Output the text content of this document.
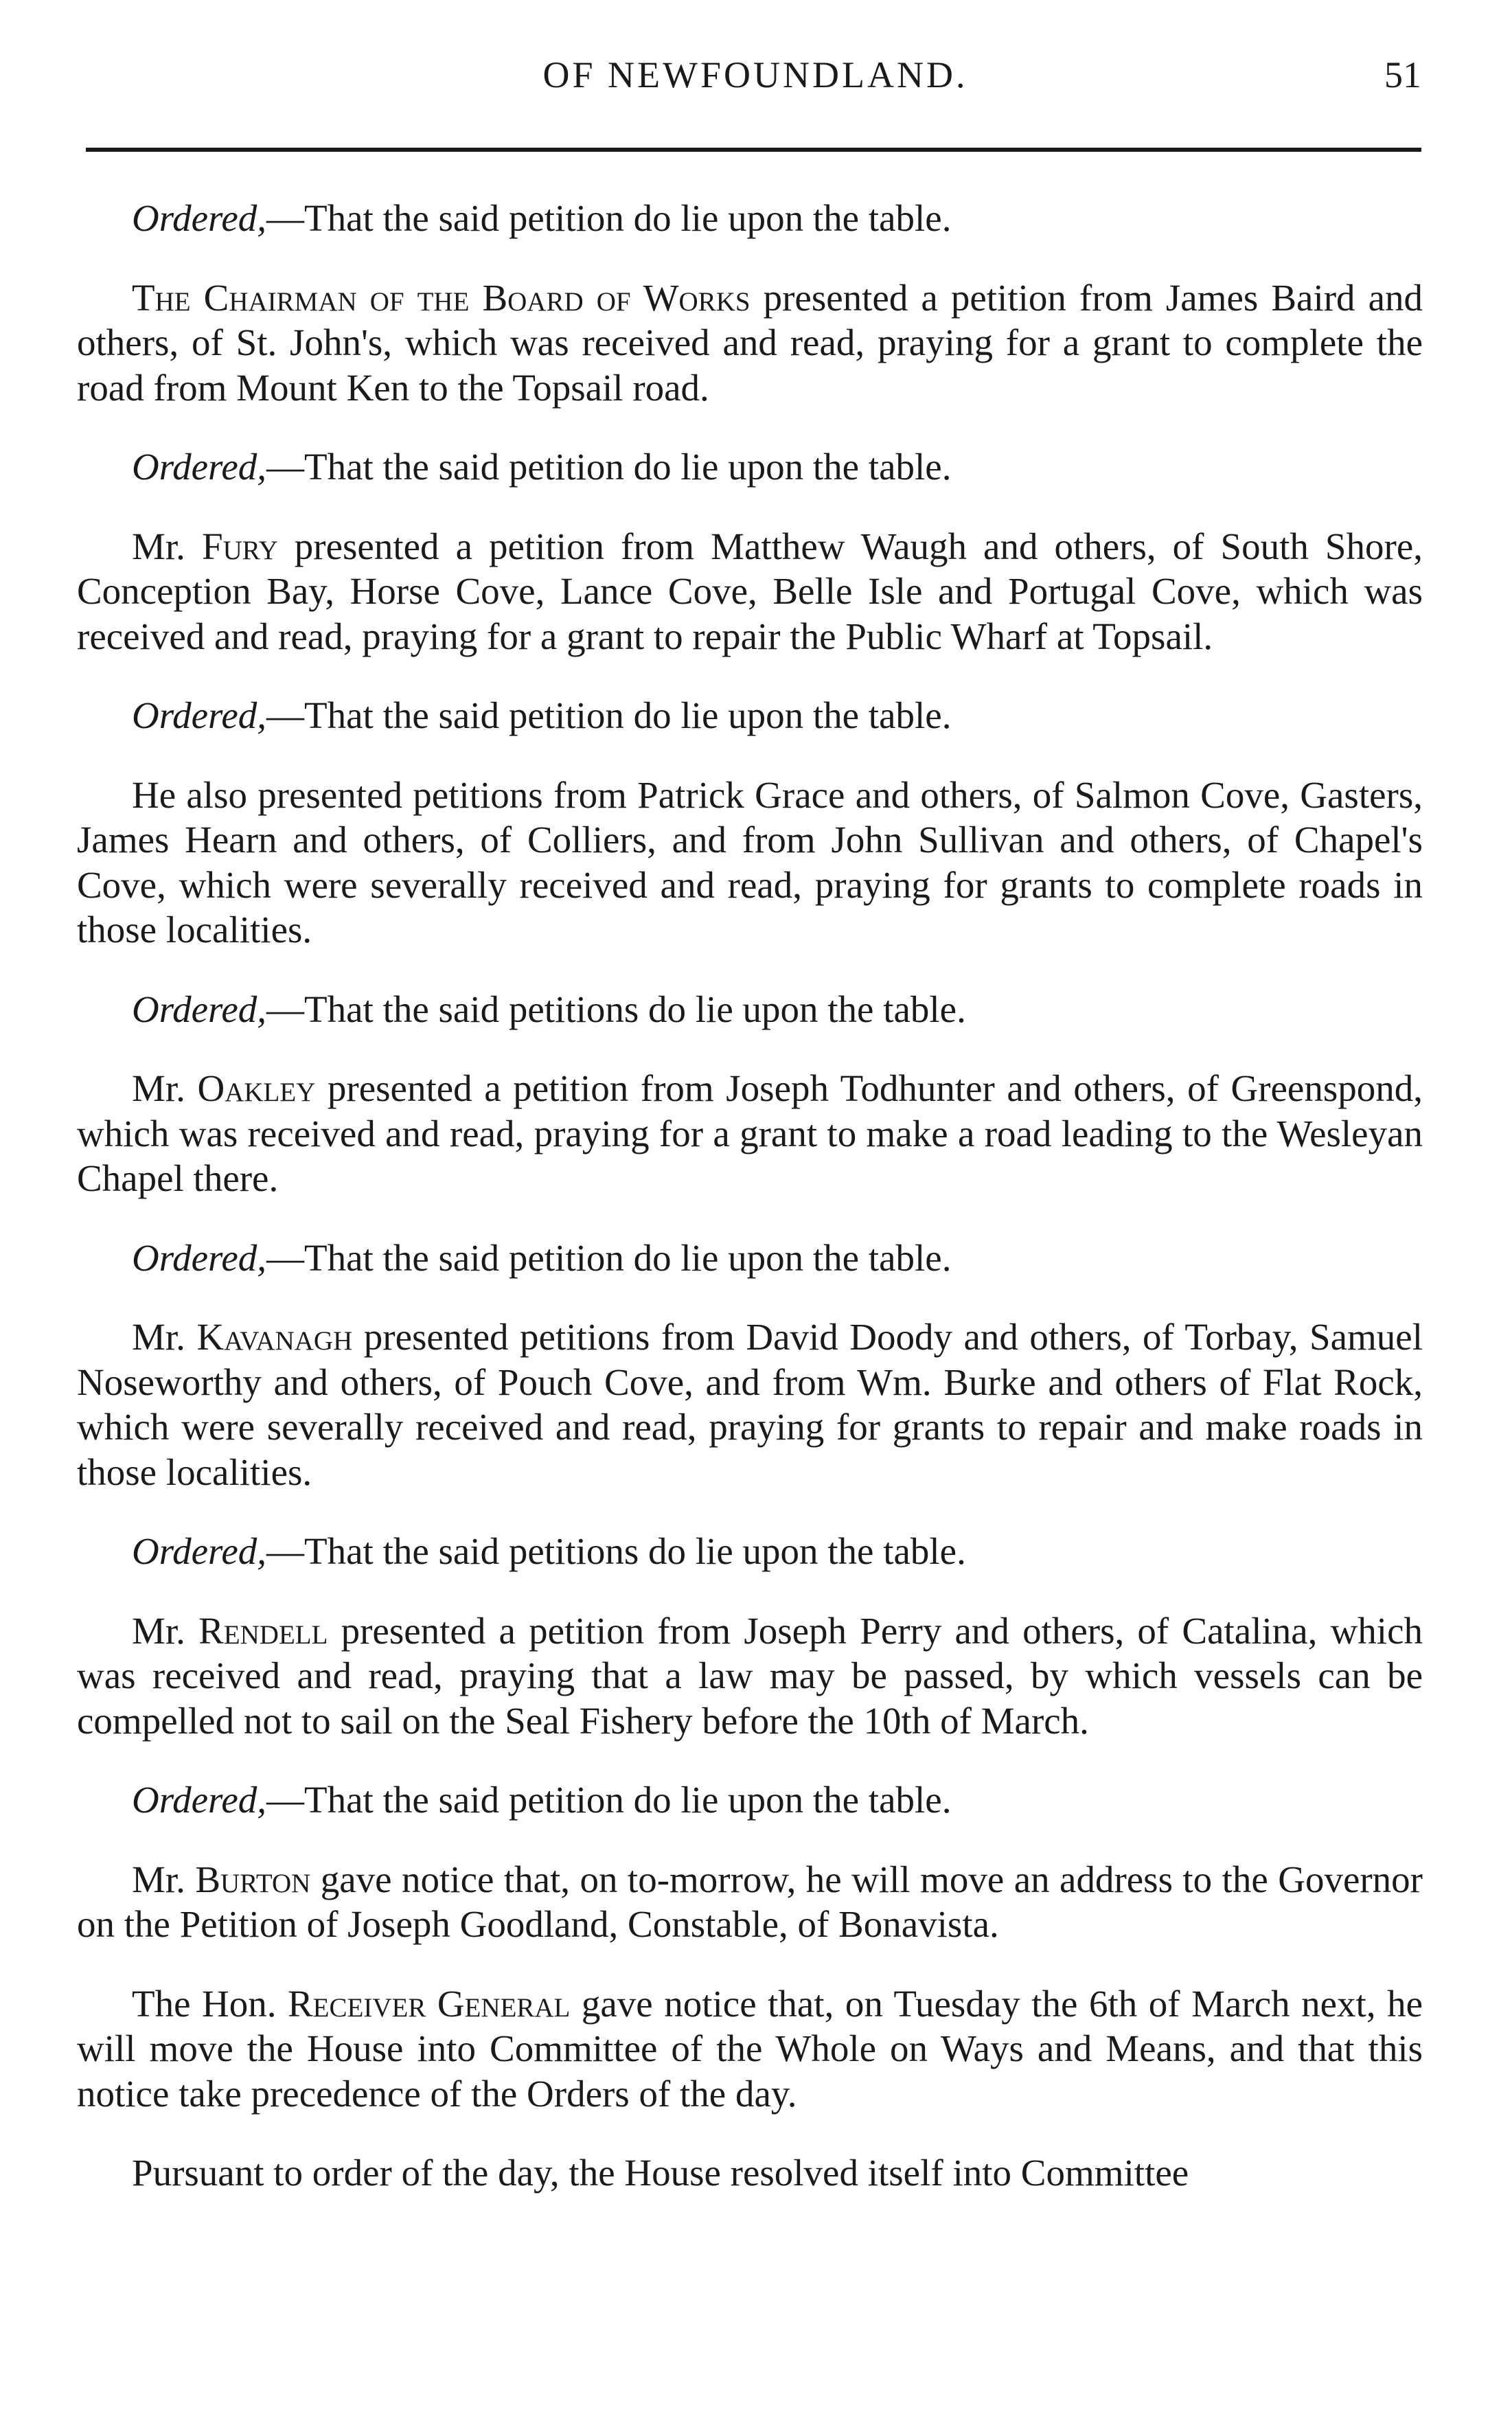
OF NEWFOUNDLAND.	51

Ordered,—That the said petition do lie upon the table.

The Chairman of the Board of Works presented a petition from James Baird and others, of St. John's, which was received and read, praying for a grant to complete the road from Mount Ken to the Topsail road.

Ordered,—That the said petition do lie upon the table.

Mr. Fury presented a petition from Matthew Waugh and others, of South Shore, Conception Bay, Horse Cove, Lance Cove, Belle Isle and Portugal Cove, which was received and read, praying for a grant to repair the Public Wharf at Topsail.

Ordered,—That the said petition do lie upon the table.

He also presented petitions from Patrick Grace and others, of Salmon Cove, Gasters, James Hearn and others, of Colliers, and from John Sullivan and others, of Chapel's Cove, which were severally received and read, praying for grants to complete roads in those localities.

Ordered,—That the said petitions do lie upon the table.

Mr. Oakley presented a petition from Joseph Todhunter and others, of Greenspond, which was received and read, praying for a grant to make a road leading to the Wesleyan Chapel there.

Ordered,—That the said petition do lie upon the table.

Mr. Kavanagh presented petitions from David Doody and others, of Torbay, Samuel Noseworthy and others, of Pouch Cove, and from Wm. Burke and others of Flat Rock, which were severally received and read, praying for grants to repair and make roads in those localities.

Ordered,—That the said petitions do lie upon the table.

Mr. Rendell presented a petition from Joseph Perry and others, of Catalina, which was received and read, praying that a law may be passed, by which vessels can be compelled not to sail on the Seal Fishery before the 10th of March.

Ordered,—That the said petition do lie upon the table.

Mr. Burton gave notice that, on to-morrow, he will move an address to the Governor on the Petition of Joseph Goodland, Constable, of Bonavista.

The Hon. Receiver General gave notice that, on Tuesday the 6th of March next, he will move the House into Committee of the Whole on Ways and Means, and that this notice take precedence of the Orders of the day.

Pursuant to order of the day, the House resolved itself into Committee
